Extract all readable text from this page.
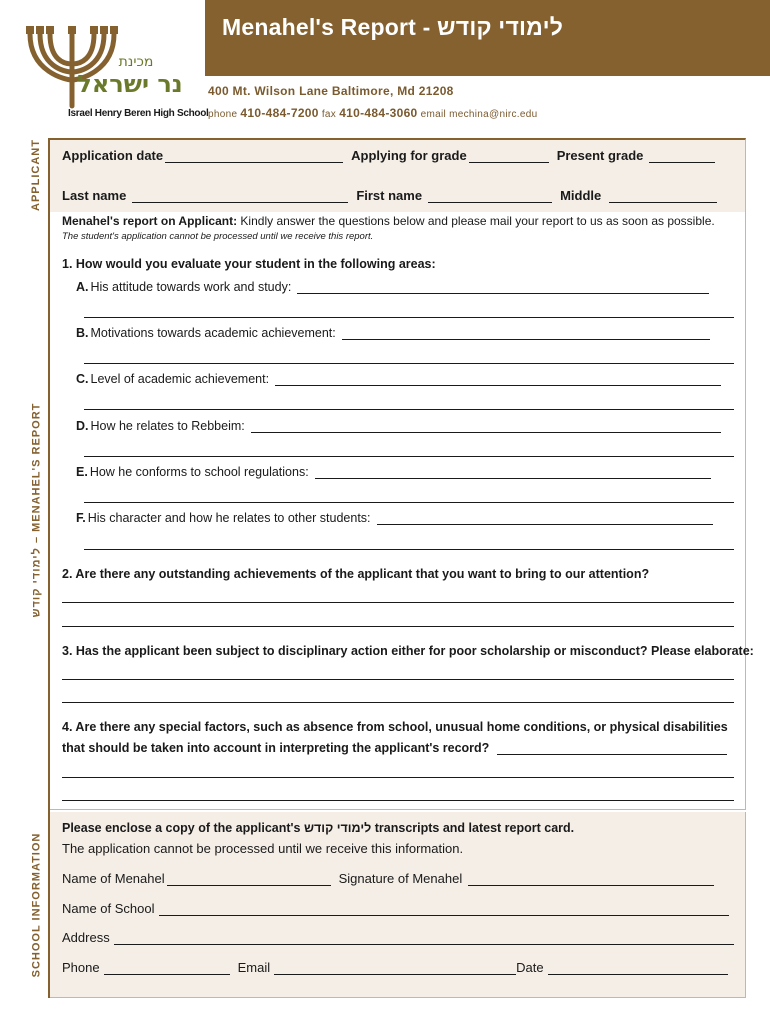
Menahel's Report - לימודי קודש
400 Mt. Wilson Lane Baltimore, Md 21208
phone 410-484-7200 fax 410-484-3060 email mechina@nirc.edu
מכינת
נר ישראל
Israel Henry Beren High School
APPLICANT
לימודי קודש – MENAHEL'S REPORT
SCHOOL INFORMATION
Application date	Applying for grade	Present grade
Last name	First name	Middle
Menahel's report on Applicant: Kindly answer the questions below and please mail your report to us as soon as possible.
The student's application cannot be processed until we receive this report.
1. How would you evaluate your student in the following areas:
A. His attitude towards work and study:
B. Motivations towards academic achievement:
C. Level of academic achievement:
D. How he relates to Rebbeim:
E. How he conforms to school regulations:
F. His character and how he relates to other students:
2. Are there any outstanding achievements of the applicant that you want to bring to our attention?
3. Has the applicant been subject to disciplinary action either for poor scholarship or misconduct? Please elaborate:
4. Are there any special factors, such as absence from school, unusual home conditions, or physical disabilities
that should be taken into account in interpreting the applicant's record?
Please enclose a copy of the applicant's לימודי קודש transcripts and latest report card.
The application cannot be processed until we receive this information.
Name of Menahel	Signature of Menahel
Name of School
Address
Phone	Email	Date
